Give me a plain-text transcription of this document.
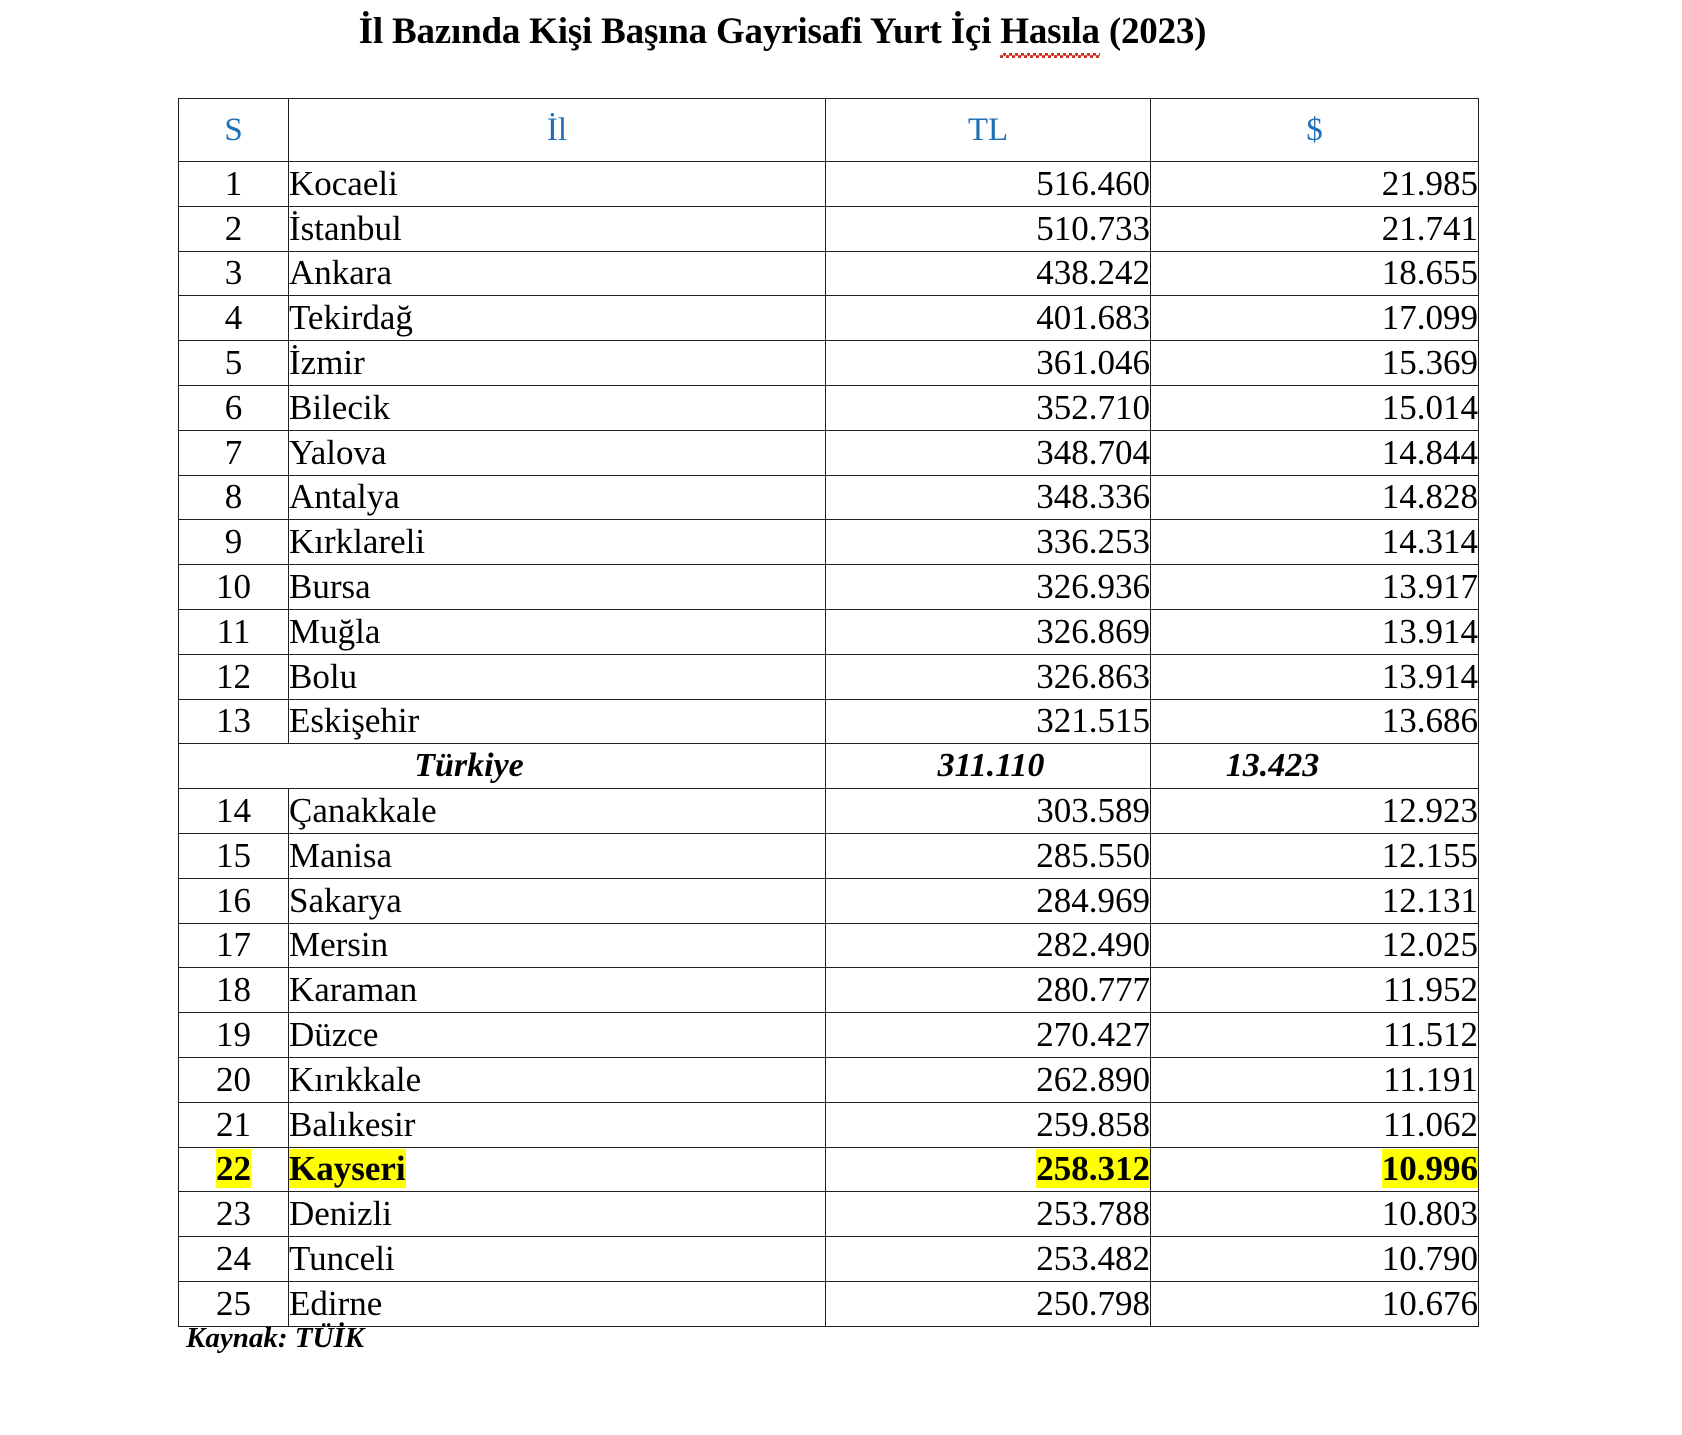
İl Bazında Kişi Başına Gayrisafi Yurt İçi Hasıla (2023)
S	İl	TL	$
1	Kocaeli	516.460	21.985
2	İstanbul	510.733	21.741
3	Ankara	438.242	18.655
4	Tekirdağ	401.683	17.099
5	İzmir	361.046	15.369
6	Bilecik	352.710	15.014
7	Yalova	348.704	14.844
8	Antalya	348.336	14.828
9	Kırklareli	336.253	14.314
10	Bursa	326.936	13.917
11	Muğla	326.869	13.914
12	Bolu	326.863	13.914
13	Eskişehir	321.515	13.686
Türkiye		311.110	13.423
14	Çanakkale	303.589	12.923
15	Manisa	285.550	12.155
16	Sakarya	284.969	12.131
17	Mersin	282.490	12.025
18	Karaman	280.777	11.952
19	Düzce	270.427	11.512
20	Kırıkkale	262.890	11.191
21	Balıkesir	259.858	11.062
22	Kayseri	258.312	10.996
23	Denizli	253.788	10.803
24	Tunceli	253.482	10.790
25	Edirne	250.798	10.676
Kaynak: TÜİK
